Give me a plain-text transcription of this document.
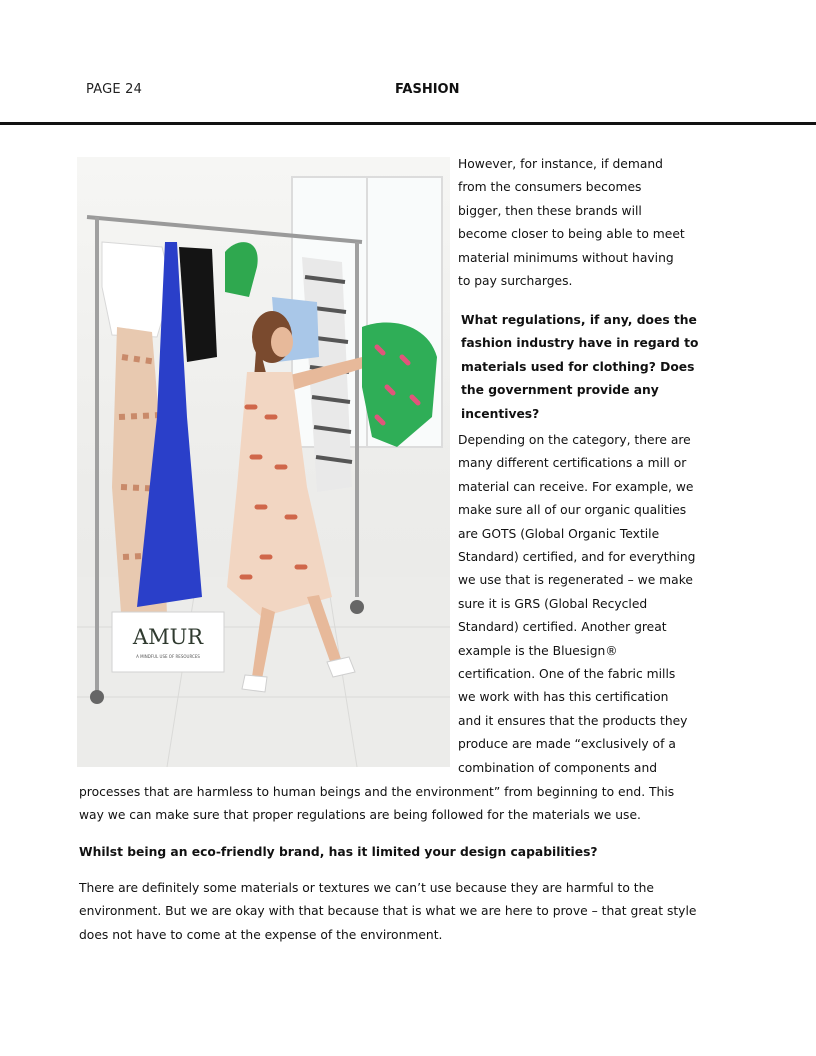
PAGE 24	FASHION
AMUR
A MINDFUL USE OF RESOURCES
However, for instance, if demand
from the consumers becomes
bigger, then these brands will
become closer to being able to meet
material minimums without having
to pay surcharges.
What regulations, if any, does the
fashion industry have in regard to
materials used for clothing? Does
the government provide any
incentives?
Depending on the category, there are
many different certifications a mill or
material can receive. For example, we
make sure all of our organic qualities
are GOTS (Global Organic Textile
Standard) certified, and for everything
we use that is regenerated – we make
sure it is GRS (Global Recycled
Standard) certified. Another great
example is the Bluesign®
certification. One of the fabric mills
we work with has this certification
and it ensures that the products they
produce are made “exclusively of a
combination of components and
processes that are harmless to human beings and the environment” from beginning to end. This
way we can make sure that proper regulations are being followed for the materials we use.
Whilst being an eco-friendly brand, has it limited your design capabilities?
There are definitely some materials or textures we can’t use because they are harmful to the
environment. But we are okay with that because that is what we are here to prove – that great style
does not have to come at the expense of the environment.
